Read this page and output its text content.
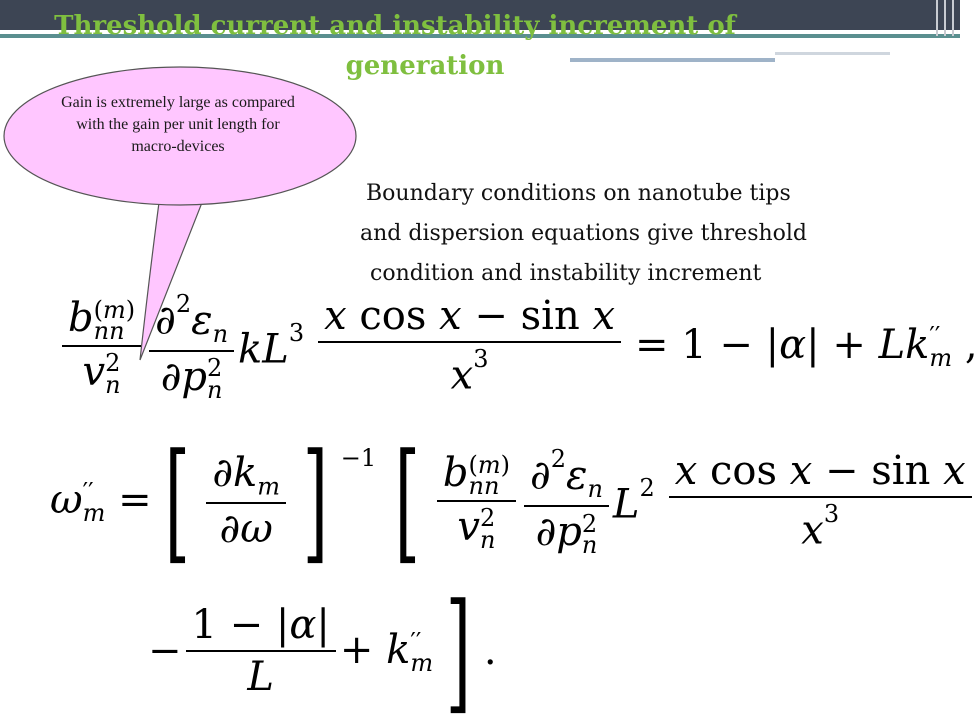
Threshold current and instability increment of
generation
Gain is extremely large as compared with the gain per unit length for macro-devices
Boundary conditions on nanotube tips
and dispersion equations give threshold
condition and instability increment
b (m)
nn
v 2
n
$\partial^2\varepsilon_n$
∂p 2
n
$kL^3 \frac{\text{x cos x − sin x}}{x^3} = 1 - |\alpha| + Lk$ ′′
m ,
ω ′′
m = [ $\partial k_m$
∂ω ] −1 [ b (m)
nn
v 2
n
$\partial^2\varepsilon_n$
∂p 2
n
$L^2$ x cos x − sin x
$x^3$
− $\frac{1 - |\alpha|}{L} + k$ ′′
m ] .
